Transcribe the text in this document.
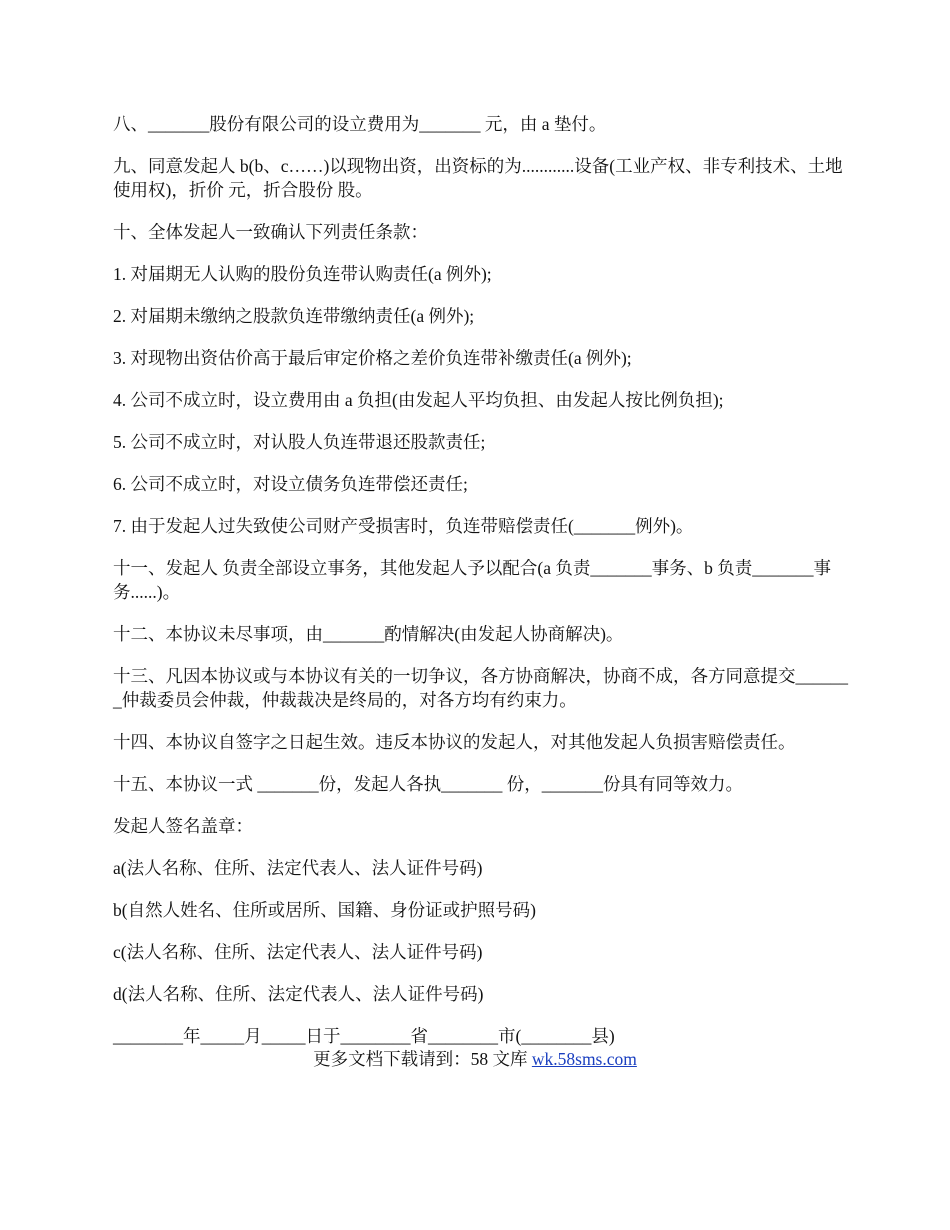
八、_______股份有限公司的设立费用为_______ 元，由 a 垫付。

九、同意发起人 b(b、c……)以现物出资，出资标的为............设备(工业产权、非专利技术、土地使用权)，折价 元，折合股份 股。

十、全体发起人一致确认下列责任条款：

1. 对届期无人认购的股份负连带认购责任(a 例外);

2. 对届期未缴纳之股款负连带缴纳责任(a 例外);

3. 对现物出资估价高于最后审定价格之差价负连带补缴责任(a 例外);

4. 公司不成立时，设立费用由 a 负担(由发起人平均负担、由发起人按比例负担);

5. 公司不成立时，对认股人负连带退还股款责任;

6. 公司不成立时，对设立债务负连带偿还责任;

7. 由于发起人过失致使公司财产受损害时，负连带赔偿责任(_______例外)。

十一、发起人 负责全部设立事务，其他发起人予以配合(a 负责_______事务、b 负责_______事务......)。

十二、本协议未尽事项，由_______酌情解决(由发起人协商解决)。

十三、凡因本协议或与本协议有关的一切争议，各方协商解决，协商不成，各方同意提交_______仲裁委员会仲裁，仲裁裁决是终局的，对各方均有约束力。

十四、本协议自签字之日起生效。违反本协议的发起人，对其他发起人负损害赔偿责任。

十五、本协议一式 _______份，发起人各执_______ 份，_______份具有同等效力。

发起人签名盖章：

a(法人名称、住所、法定代表人、法人证件号码)

b(自然人姓名、住所或居所、国籍、身份证或护照号码)

c(法人名称、住所、法定代表人、法人证件号码)

d(法人名称、住所、法定代表人、法人证件号码)

________年_____月_____日于________省________市(________县)

更多文档下载请到：58 文库 wk.58sms.com
